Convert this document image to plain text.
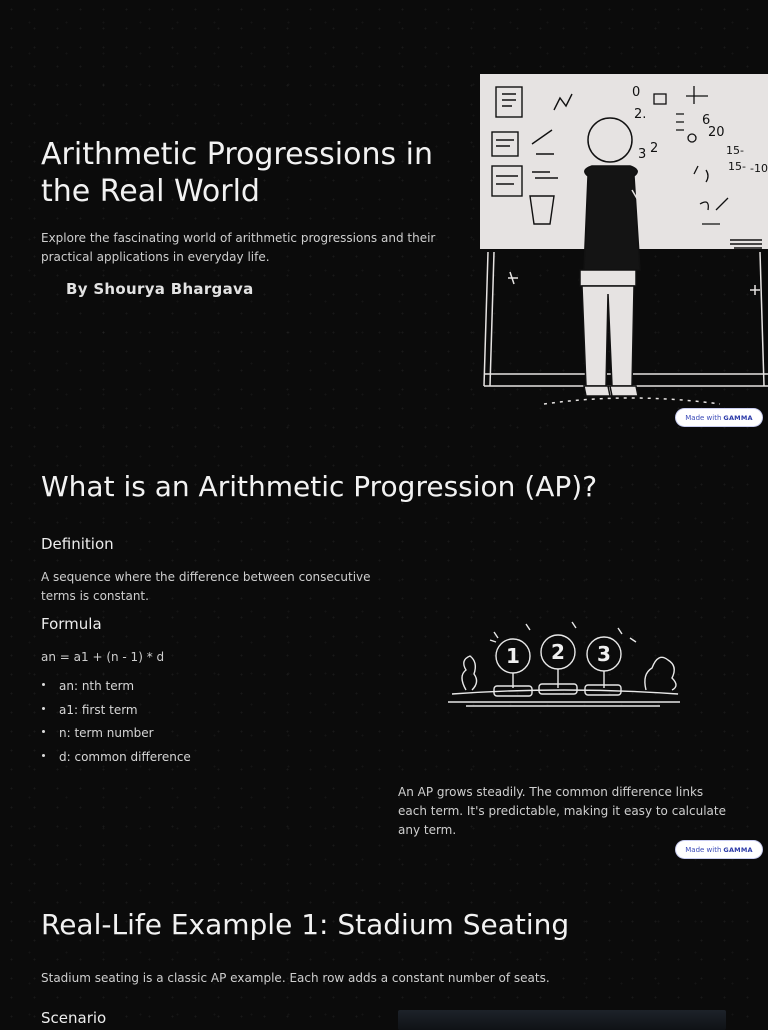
Arithmetic Progressions in the Real World

Explore the fascinating world of arithmetic progressions and their practical applications in everyday life.

By Shourya Bhargava
0
2.	6
20
3 2	15-
15- -10
Made with GAMMA
What is an Arithmetic Progression (AP)?
Definition

A sequence where the difference between consecutive terms is constant.

Formula

an = a1 + (n - 1) * d

an: nth term
a1: first term
n: term number
d: common difference
1 2 3

An AP grows steadily. The common difference links each term. It's predictable, making it easy to calculate any term.

Made with GAMMA
Real-Life Example 1: Stadium Seating

Stadium seating is a classic AP example. Each row adds a constant number of seats.

Scenario
